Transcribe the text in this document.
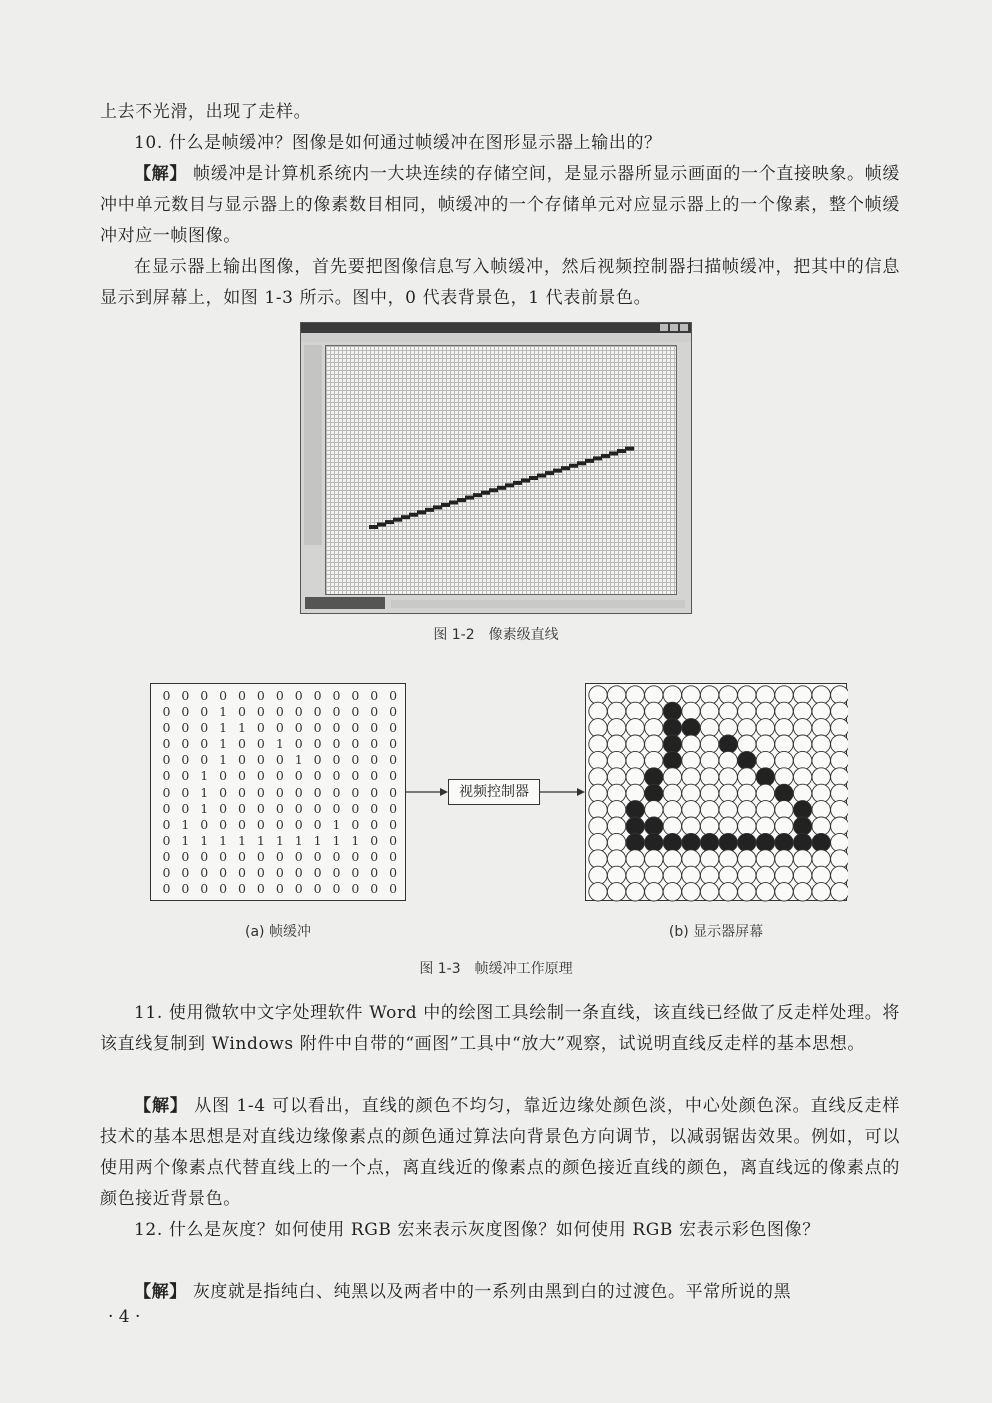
上去不光滑，出现了走样。

10. 什么是帧缓冲？图像是如何通过帧缓冲在图形显示器上输出的？

【解】 帧缓冲是计算机系统内一大块连续的存储空间，是显示器所显示画面的一个直接映象。帧缓冲中单元数目与显示器上的像素数目相同，帧缓冲的一个存储单元对应显示器上的一个像素，整个帧缓冲对应一帧图像。

在显示器上输出图像，首先要把图像信息写入帧缓冲，然后视频控制器扫描帧缓冲，把其中的信息显示到屏幕上，如图 1-3 所示。图中，0 代表背景色，1 代表前景色。

图 1-2　像素级直线
0 0 0 0 0 0 0 0 0 0 0 0 0
0 0 0 1 0 0 0 0 0 0 0 0 0
0 0 0 1 1 0 0 0 0 0 0 0 0
0 0 0 1 0 0 1 0 0 0 0 0 0
0 0 0 1 0 0 0 1 0 0 0 0 0
0 0 1 0 0 0 0 0 0 0 0 0 0
0 0 1 0 0 0 0 0 0 0 0 0 0
0 0 1 0 0 0 0 0 0 0 0 0 0
0 1 0 0 0 0 0 0 0 1 0 0 0
0 1 1 1 1 1 1 1 1 1 1 0 0
0 0 0 0 0 0 0 0 0 0 0 0 0
0 0 0 0 0 0 0 0 0 0 0 0 0
0 0 0 0 0 0 0 0 0 0 0 0 0
视频控制器
(a) 帧缓冲	(b) 显示器屏幕
图 1-3　帧缓冲工作原理

11. 使用微软中文字处理软件 Word 中的绘图工具绘制一条直线，该直线已经做了反走样处理。将该直线复制到 Windows 附件中自带的“画图”工具中“放大”观察，试说明直线反走样的基本思想。

【解】 从图 1-4 可以看出，直线的颜色不均匀，靠近边缘处颜色淡，中心处颜色深。直线反走样技术的基本思想是对直线边缘像素点的颜色通过算法向背景色方向调节，以减弱锯齿效果。例如，可以使用两个像素点代替直线上的一个点，离直线近的像素点的颜色接近直线的颜色，离直线远的像素点的颜色接近背景色。

12. 什么是灰度？如何使用 RGB 宏来表示灰度图像？如何使用 RGB 宏表示彩色图像？

【解】 灰度就是指纯白、纯黑以及两者中的一系列由黑到白的过渡色。平常所说的黑

· 4 ·
